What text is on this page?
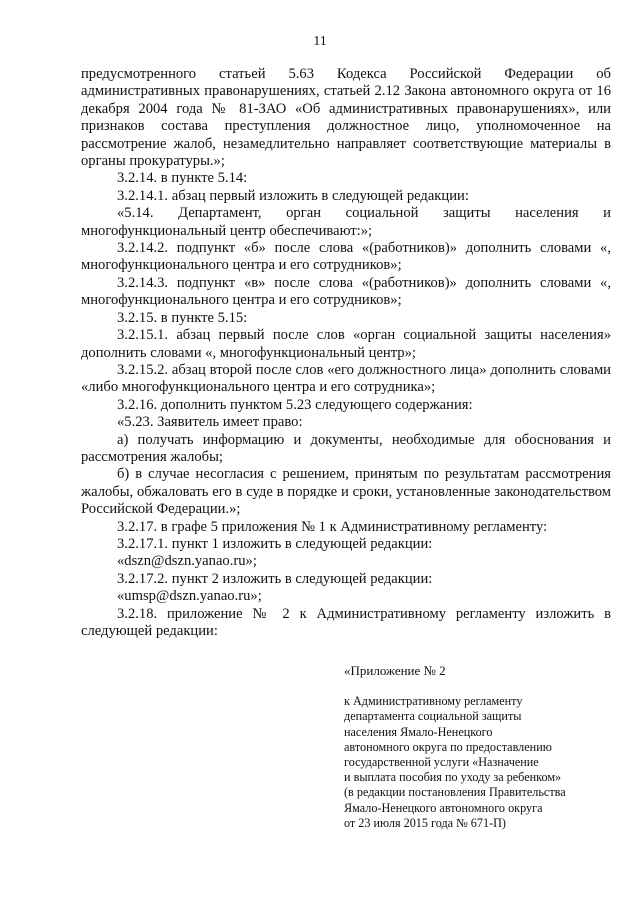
11

предусмотренного статьей 5.63 Кодекса Российской Федерации об административных правонарушениях, статьей 2.12 Закона автономного округа от 16 декабря 2004 года № 81-ЗАО «Об административных правонарушениях», или признаков состава преступления должностное лицо, уполномоченное на рассмотрение жалоб, незамедлительно направляет соответствующие материалы в органы прокуратуры.»;

3.2.14. в пункте 5.14:

3.2.14.1. абзац первый изложить в следующей редакции:

«5.14. Департамент, орган социальной защиты населения и многофункциональный центр обеспечивают:»;

3.2.14.2. подпункт «б» после слова «(работников)» дополнить словами «, многофункционального центра и его сотрудников»;

3.2.14.3. подпункт «в» после слова «(работников)» дополнить словами «, многофункционального центра и его сотрудников»;

3.2.15. в пункте 5.15:

3.2.15.1. абзац первый после слов «орган социальной защиты населения» дополнить словами «, многофункциональный центр»;

3.2.15.2. абзац второй после слов «его должностного лица» дополнить словами «либо многофункционального центра и его сотрудника»;

3.2.16. дополнить пунктом 5.23 следующего содержания:

«5.23. Заявитель имеет право:

а) получать информацию и документы, необходимые для обоснования и рассмотрения жалобы;

б) в случае несогласия с решением, принятым по результатам рассмотрения жалобы, обжаловать его в суде в порядке и сроки, установленные законодательством Российской Федерации.»;

3.2.17. в графе 5 приложения № 1 к Административному регламенту:

3.2.17.1. пункт 1 изложить в следующей редакции:

«dszn@dszn.yanao.ru»;

3.2.17.2. пункт 2 изложить в следующей редакции:

«umsp@dszn.yanao.ru»;

3.2.18. приложение № 2 к Административному регламенту изложить в следующей редакции:

«Приложение № 2

к Административному регламенту
департамента социальной защиты
населения Ямало-Ненецкого
автономного округа по предоставлению
государственной услуги «Назначение
и выплата пособия по уходу за ребенком»
(в редакции постановления Правительства
Ямало-Ненецкого автономного округа
от 23 июля 2015 года № 671-П)
